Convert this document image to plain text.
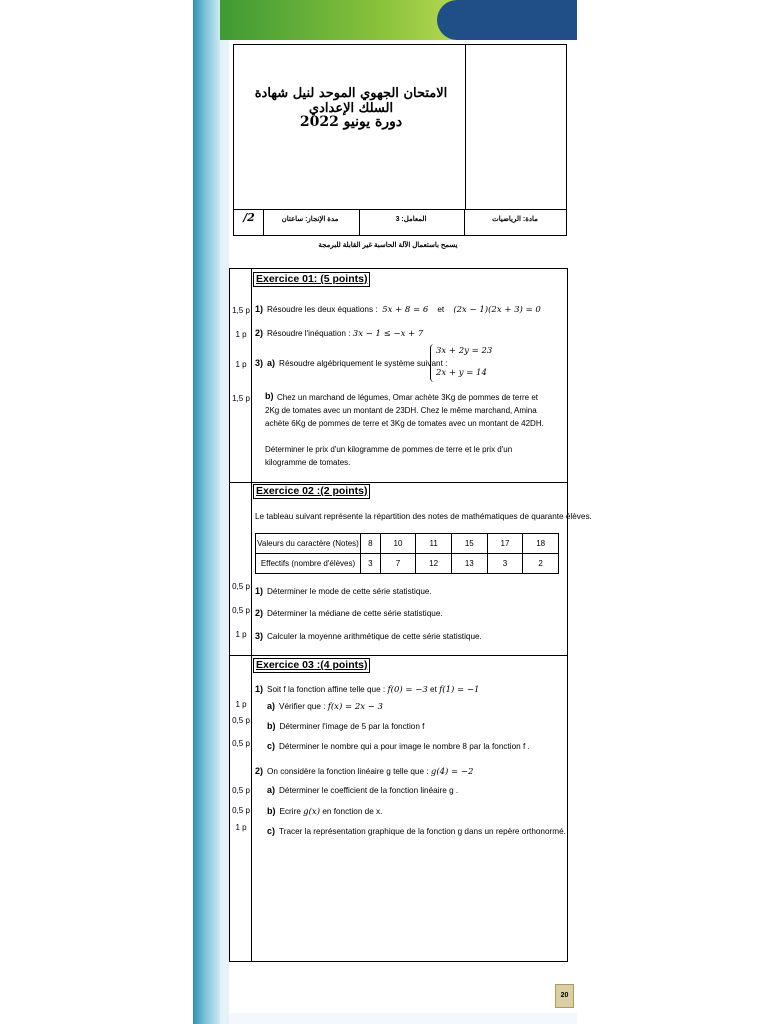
الامتحان الجهوي الموحد لنيل شهادة السلك الإعدادي
دورة يونيو 2022
/2	مدة الإنجاز: ساعتان	المعامل: 3	مادة: الرياضيات
يسمح باستعمال الآلة الحاسبة غير القابلة للبرمجة
Exercice 01: (5 points)
1,5 p 1) Résoudre les deux équations : 5x + 8 = 6 et (2x − 1)(2x + 3) = 0
1 p 2) Résoudre l'inéquation : 3x − 1 ≤ −x + 7
1 p 3) a) Résoudre algébriquement le système suivant :
3x + 2y = 23
2x + y = 14
1,5 p b) Chez un marchand de légumes, Omar achète 3Kg de pommes de terre et 2Kg de tomates avec un montant de 23DH. Chez le même marchand, Amina achète 6Kg de pommes de terre et 3Kg de tomates avec un montant de 42DH.
Déterminer le prix d'un kilogramme de pommes de terre et le prix d'un kilogramme de tomates.
Exercice 02 :(2 points)
Le tableau suivant représente la répartition des notes de mathématiques de quarante élèves.
Valeurs du caractère (Notes)	8	10	11	15	17	18
Effectifs (nombre d'élèves)	3	7	12	13	3	2
0,5 p 1) Déterminer le mode de cette série statistique.
0,5 p 2) Déterminer la médiane de cette série statistique.
1 p 3) Calculer la moyenne arithmétique de cette série statistique.
Exercice 03 :(4 points)
1) Soit f la fonction affine telle que : f(0) = −3 et f(1) = −1
1 p	a) Vérifier que : f(x) = 2x − 3
0,5 p
b) Déterminer l'image de 5 par la fonction f
0,5 p c) Déterminer le nombre qui a pour image le nombre 8 par la fonction f .
2) On considère la fonction linéaire g telle que : g(4) = −2
0,5 p a) Déterminer le coefficient de la fonction linéaire g .
0,5 p b) Ecrire g(x) en fonction de x.
1 p	c) Tracer la représentation graphique de la fonction g dans un repère orthonormé.
20
